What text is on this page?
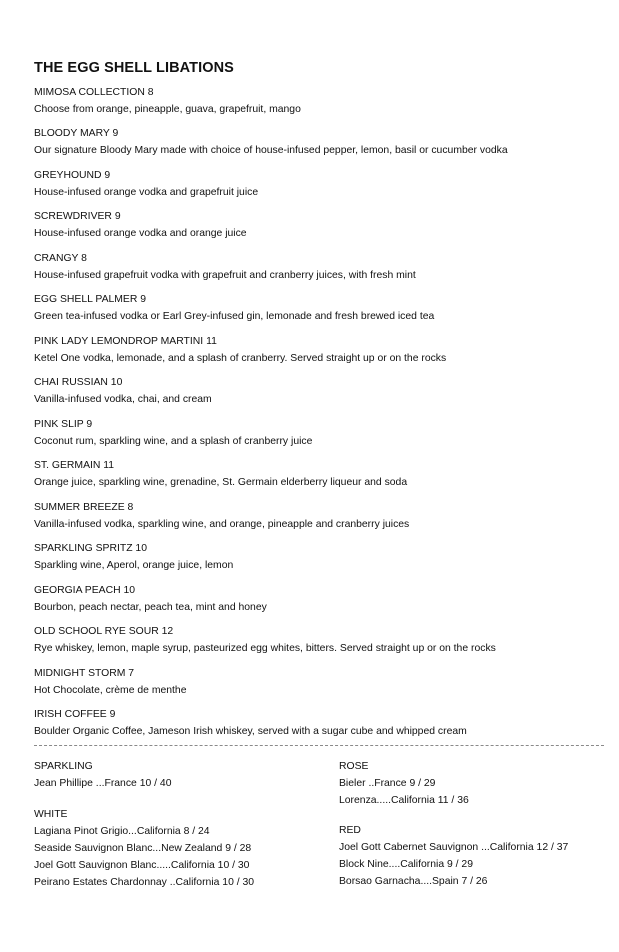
THE EGG SHELL LIBATIONS
MIMOSA COLLECTION 8
Choose from orange, pineapple, guava, grapefruit, mango
BLOODY MARY 9
Our signature Bloody Mary made with choice of house-infused pepper, lemon, basil or cucumber vodka
GREYHOUND 9
House-infused orange vodka and grapefruit juice
SCREWDRIVER 9
House-infused orange vodka and orange juice
CRANGY 8
House-infused grapefruit vodka with grapefruit and cranberry juices, with fresh mint
EGG SHELL PALMER 9
Green tea-infused vodka or Earl Grey-infused gin, lemonade and fresh brewed iced tea
PINK LADY LEMONDROP MARTINI 11
Ketel One vodka, lemonade, and a splash of cranberry. Served straight up or on the rocks
CHAI RUSSIAN 10
Vanilla-infused vodka, chai, and cream
PINK SLIP 9
Coconut rum, sparkling wine, and a splash of cranberry juice
ST. GERMAIN 11
Orange juice, sparkling wine, grenadine, St. Germain elderberry liqueur and soda
SUMMER BREEZE 8
Vanilla-infused vodka, sparkling wine, and orange, pineapple and cranberry juices
SPARKLING SPRITZ 10
Sparkling wine, Aperol, orange juice, lemon
GEORGIA PEACH 10
Bourbon, peach nectar, peach tea, mint and honey
OLD SCHOOL RYE SOUR 12
Rye whiskey, lemon, maple syrup, pasteurized egg whites, bitters. Served straight up or on the rocks
MIDNIGHT STORM 7
Hot Chocolate, crème de menthe
IRISH COFFEE 9
Boulder Organic Coffee, Jameson Irish whiskey, served with a sugar cube and whipped cream
SPARKLING
Jean Phillipe ...France 10 / 40
WHITE
Lagiana Pinot Grigio...California 8 / 24
Seaside Sauvignon Blanc...New Zealand 9 / 28
Joel Gott Sauvignon Blanc.....California 10 / 30
Peirano Estates Chardonnay ..California 10 / 30
ROSE
Bieler ..France 9 / 29
Lorenza.....California 11 / 36
RED
Joel Gott Cabernet Sauvignon ...California 12 / 37
Block Nine....California 9 / 29
Borsao Garnacha....Spain 7 / 26
